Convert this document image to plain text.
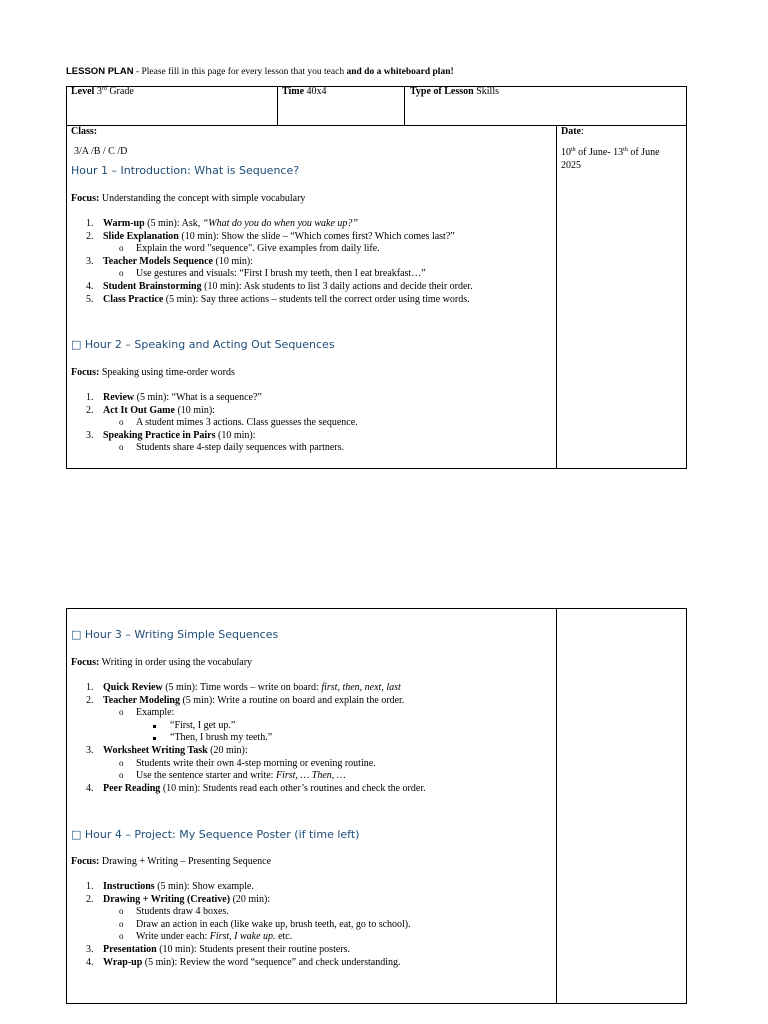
LESSON PLAN - Please fill in this page for every lesson that you teach and do a whiteboard plan!
Level 3rd Grade	Time 40x4	Type of Lesson Skills
Class:
3/A /B / C /D
Date:
10th of June- 13th of June
2025
Hour 1 – Introduction: What is Sequence?
Focus: Understanding the concept with simple vocabulary
1. Warm-up (5 min): Ask, “What do you do when you wake up?”
2. Slide Explanation (10 min): Show the slide – “Which comes first? Which comes last?”
o Explain the word "sequence". Give examples from daily life.
3. Teacher Models Sequence (10 min):
o Use gestures and visuals: “First I brush my teeth, then I eat breakfast…”
4. Student Brainstorming (10 min): Ask students to list 3 daily actions and decide their order.
5. Class Practice (5 min): Say three actions – students tell the correct order using time words.
□ Hour 2 – Speaking and Acting Out Sequences
Focus: Speaking using time-order words
1. Review (5 min): “What is a sequence?”
2. Act It Out Game (10 min):
o A student mimes 3 actions. Class guesses the sequence.
3. Speaking Practice in Pairs (10 min):
o Students share 4-step daily sequences with partners.
□ Hour 3 – Writing Simple Sequences
Focus: Writing in order using the vocabulary
1. Quick Review (5 min): Time words – write on board: first, then, next, last
2. Teacher Modeling (5 min): Write a routine on board and explain the order.
o Example:
“First, I get up.”
“Then, I brush my teeth.”
3. Worksheet Writing Task (20 min):
o Students write their own 4-step morning or evening routine.
o Use the sentence starter and write: First, … Then, …
4. Peer Reading (10 min): Students read each other’s routines and check the order.
□ Hour 4 – Project: My Sequence Poster (if time left)
Focus: Drawing + Writing – Presenting Sequence
1. Instructions (5 min): Show example.
2. Drawing + Writing (Creative) (20 min):
o Students draw 4 boxes.
o Draw an action in each (like wake up, brush teeth, eat, go to school).
o Write under each: First, I wake up. etc.
3. Presentation (10 min): Students present their routine posters.
4. Wrap-up (5 min): Review the word “sequence” and check understanding.
